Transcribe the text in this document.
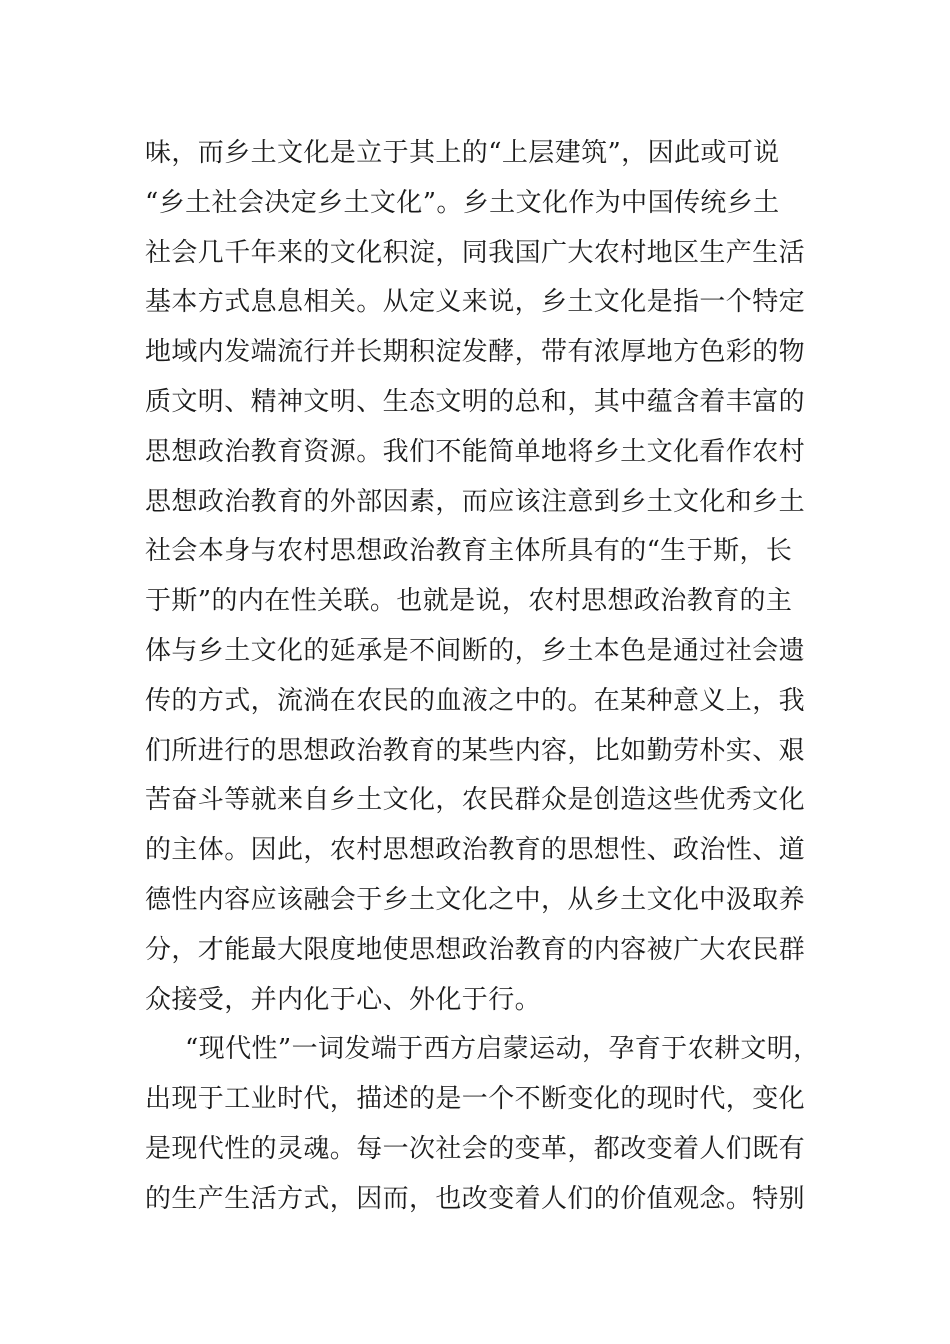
味，而乡土文化是立于其上的“上层建筑”，因此或可说
“乡土社会决定乡土文化”。乡土文化作为中国传统乡土
社会几千年来的文化积淀，同我国广大农村地区生产生活
基本方式息息相关。从定义来说，乡土文化是指一个特定
地域内发端流行并长期积淀发酵，带有浓厚地方色彩的物
质文明、精神文明、生态文明的总和，其中蕴含着丰富的
思想政治教育资源。我们不能简单地将乡土文化看作农村
思想政治教育的外部因素，而应该注意到乡土文化和乡土
社会本身与农村思想政治教育主体所具有的“生于斯，长
于斯”的内在性关联。也就是说，农村思想政治教育的主
体与乡土文化的延承是不间断的，乡土本色是通过社会遗
传的方式，流淌在农民的血液之中的。在某种意义上，我
们所进行的思想政治教育的某些内容，比如勤劳朴实、艰
苦奋斗等就来自乡土文化，农民群众是创造这些优秀文化
的主体。因此，农村思想政治教育的思想性、政治性、道
德性内容应该融会于乡土文化之中，从乡土文化中汲取养
分，才能最大限度地使思想政治教育的内容被广大农民群
众接受，并内化于心、外化于行。
“现代性”一词发端于西方启蒙运动，孕育于农耕文明，
出现于工业时代，描述的是一个不断变化的现时代，变化
是现代性的灵魂。每一次社会的变革，都改变着人们既有
的生产生活方式，因而，也改变着人们的价值观念。特别
